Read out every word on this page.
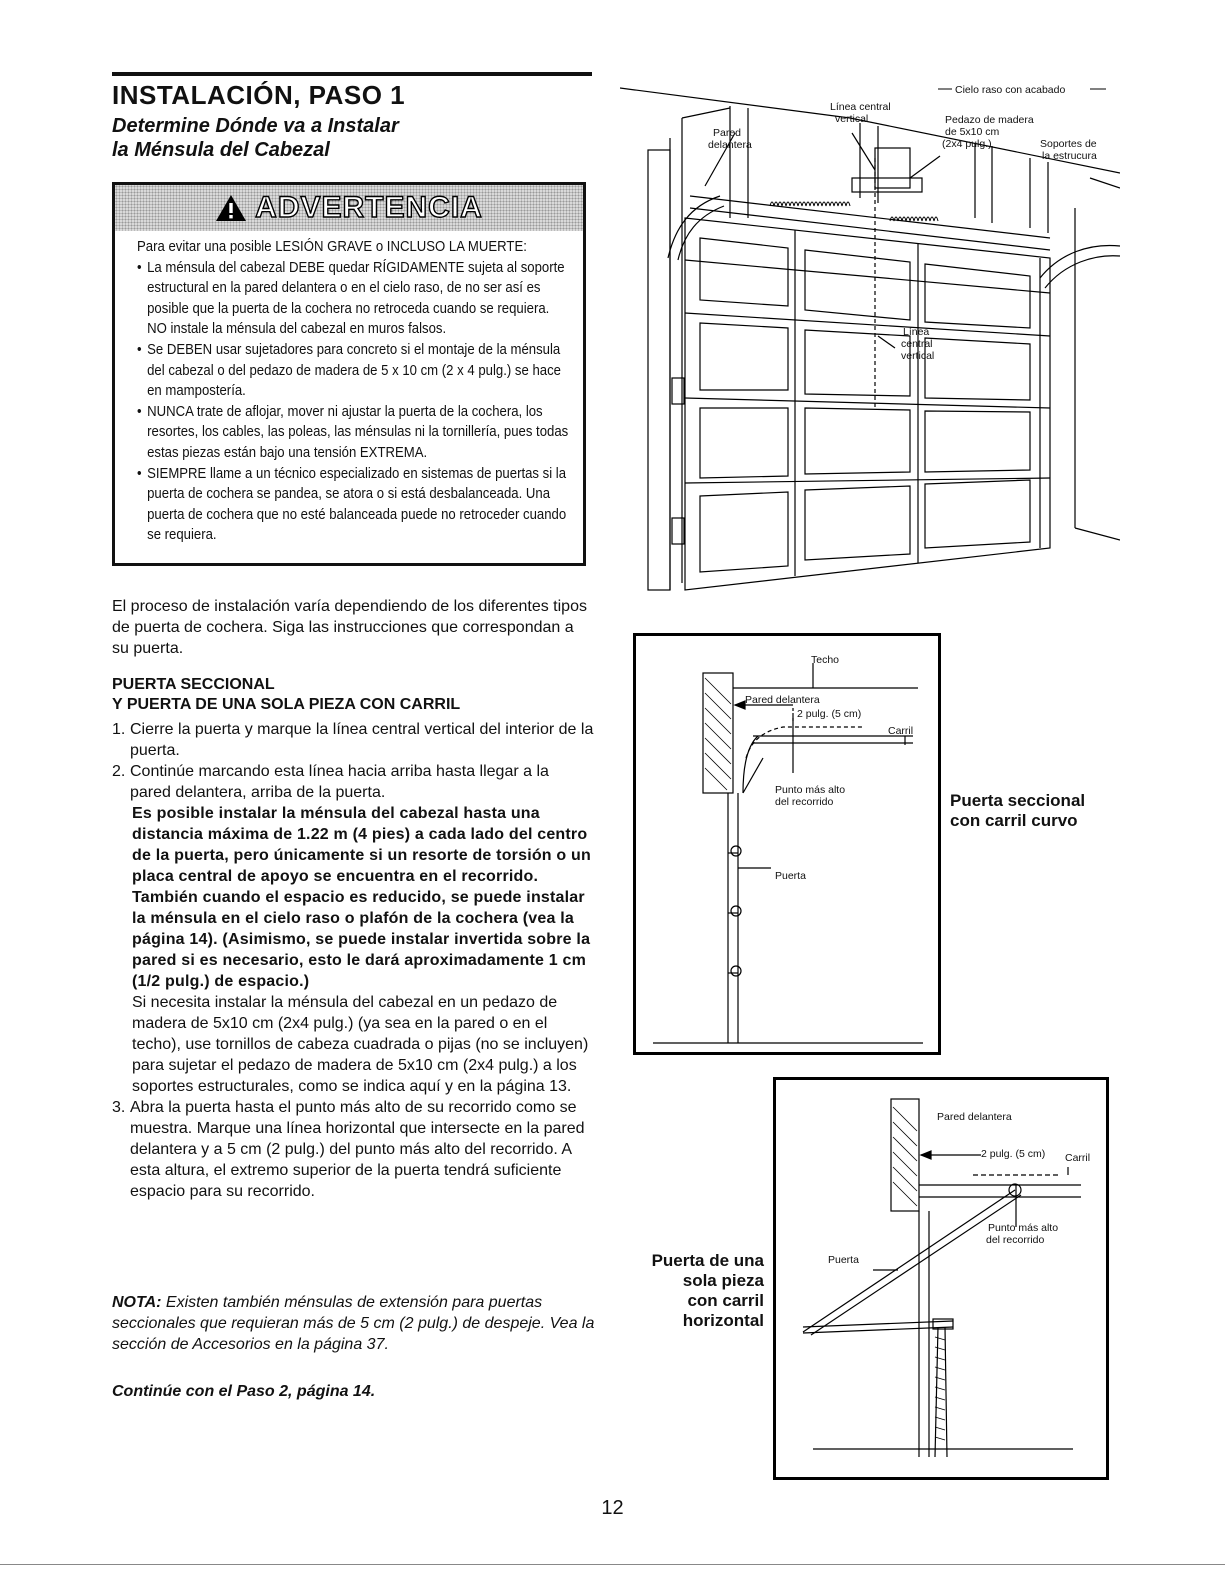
INSTALACIÓN, PASO 1
Determine Dónde va a Instalar
la Ménsula del Cabezal
ADVERTENCIA

Para evitar una posible LESIÓN GRAVE o INCLUSO LA MUERTE:

• La ménsula del cabezal DEBE quedar RÍGIDAMENTE sujeta al soporte estructural en la pared delantera o en el cielo raso, de no ser así es posible que la puerta de la cochera no retroceda cuando se requiera. NO instale la ménsula del cabezal en muros falsos.
• Se DEBEN usar sujetadores para concreto si el montaje de la ménsula del cabezal o del pedazo de madera de 5 x 10 cm (2 x 4 pulg.) se hace en mampostería.
• NUNCA trate de aflojar, mover ni ajustar la puerta de la cochera, los resortes, los cables, las poleas, las ménsulas ni la tornillería, pues todas estas piezas están bajo una tensión EXTREMA.
• SIEMPRE llame a un técnico especializado en sistemas de puertas si la puerta de cochera se pandea, se atora o si está desbalanceada. Una puerta de cochera que no esté balanceada puede no retroceder cuando se requiera.

El proceso de instalación varía dependiendo de los diferentes tipos de puerta de cochera. Siga las instrucciones que correspondan a su puerta.

PUERTA SECCIONAL
Y PUERTA DE UNA SOLA PIEZA CON CARRIL
1. Cierre la puerta y marque la línea central vertical del interior de la puerta.

2. Continúe marcando esta línea hacia arriba hasta llegar a la pared delantera, arriba de la puerta.

Es posible instalar la ménsula del cabezal hasta una distancia máxima de 1.22 m (4 pies) a cada lado del centro de la puerta, pero únicamente si un resorte de torsión o un placa central de apoyo se encuentra en el recorrido. También cuando el espacio es reducido, se puede instalar la ménsula en el cielo raso o plafón de la cochera (vea la página 14). (Asimismo, se puede instalar invertida sobre la pared si es necesario, esto le dará aproximadamente 1 cm (1/2 pulg.) de espacio.)

Si necesita instalar la ménsula del cabezal en un pedazo de madera de 5x10 cm (2x4 pulg.) (ya sea en la pared o en el techo), use tornillos de cabeza cuadrada o pijas (no se incluyen) para sujetar el pedazo de madera de 5x10 cm (2x4 pulg.) a los soportes estructurales, como se indica aquí y en la página 13.

3. Abra la puerta hasta el punto más alto de su recorrido como se muestra. Marque una línea horizontal que intersecte en la pared delantera y a 5 cm (2 pulg.) del punto más alto del recorrido. A esta altura, el extremo superior de la puerta tendrá suficiente espacio para su recorrido.

NOTA: Existen también ménsulas de extensión para puertas seccionales que requieran más de 5 cm (2 pulg.) de despeje. Vea la sección de Accesorios en la página 37.

Continúe con el Paso 2, página 14.

12

Cielo raso con acabado
Línea central
vertical	Pedazo de madera
de 5x10 cm
(2x4 pulg.)	Soportes de
la estrucura
Pared
delantera
Línea
central
vertical
Techo
Pared delantera
2 pulg. (5 cm)
Carril
Punto más alto
del recorrido
Puerta

Puerta seccional
con carril curvo

Pared delantera
2 pulg. (5 cm) Carril
Punto más alto
del recorrido
Puerta

Puerta de una
sola pieza
con carril
horizontal
